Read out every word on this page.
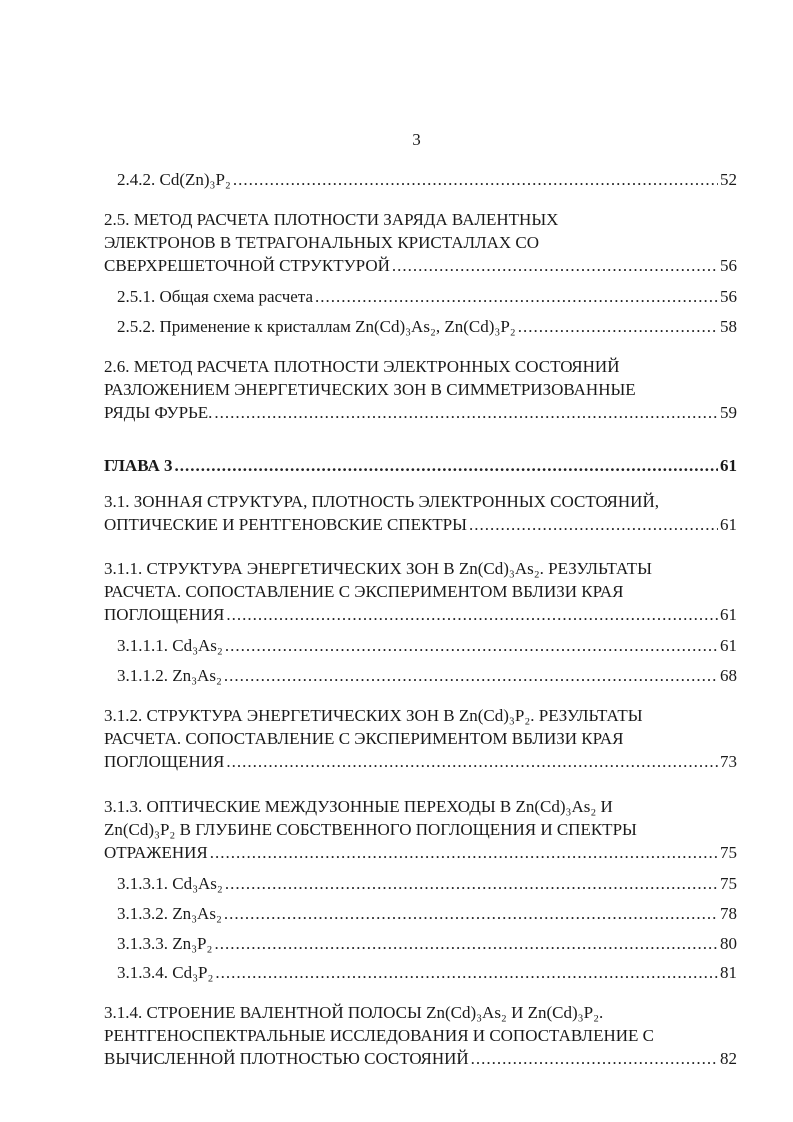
3
2.4.2. Cd(Zn)₃P₂ .....	52
2.5. МЕТОД РАСЧЕТА ПЛОТНОСТИ ЗАРЯДА ВАЛЕНТНЫХ
ЭЛЕКТРОНОВ В ТЕТРАГОНАЛЬНЫХ КРИСТАЛЛАХ СО
СВЕРХРЕШЕТОЧНОЙ СТРУКТУРОЙ .....	56
2.5.1. Общая схема расчета .....	56
2.5.2. Применение к кристаллам Zn(Cd)₃As₂, Zn(Cd)₃P₂ .....	58
2.6. МЕТОД РАСЧЕТА ПЛОТНОСТИ ЭЛЕКТРОННЫХ СОСТОЯНИЙ
РАЗЛОЖЕНИЕМ ЭНЕРГЕТИЧЕСКИХ ЗОН В СИММЕТРИЗОВАННЫЕ
РЯДЫ ФУРЬЕ. .....	59
ГЛАВА 3 .....	61
3.1. ЗОННАЯ СТРУКТУРА, ПЛОТНОСТЬ ЭЛЕКТРОННЫХ СОСТОЯНИЙ,
ОПТИЧЕСКИЕ И РЕНТГЕНОВСКИЕ СПЕКТРЫ .....	61
3.1.1. СТРУКТУРА ЭНЕРГЕТИЧЕСКИХ ЗОН В Zn(Cd)₃As₂. РЕЗУЛЬТАТЫ
РАСЧЕТА. СОПОСТАВЛЕНИЕ С ЭКСПЕРИМЕНТОМ ВБЛИЗИ КРАЯ
ПОГЛОЩЕНИЯ .....	61
3.1.1.1. Cd₃As₂ .....	61
3.1.1.2. Zn₃As₂ .....	68
3.1.2. СТРУКТУРА ЭНЕРГЕТИЧЕСКИХ ЗОН В Zn(Cd)₃P₂. РЕЗУЛЬТАТЫ
РАСЧЕТА. СОПОСТАВЛЕНИЕ С ЭКСПЕРИМЕНТОМ ВБЛИЗИ КРАЯ
ПОГЛОЩЕНИЯ .....	73
3.1.3. ОПТИЧЕСКИЕ МЕЖДУЗОННЫЕ ПЕРЕХОДЫ В Zn(Cd)₃As₂ И
Zn(Cd)₃P₂ В ГЛУБИНЕ СОБСТВЕННОГО ПОГЛОЩЕНИЯ И СПЕКТРЫ
ОТРАЖЕНИЯ .....	75
3.1.3.1. Cd₃As₂ .....	75
3.1.3.2. Zn₃As₂ .....	78
3.1.3.3. Zn₃P₂ .....	80
3.1.3.4. Cd₃P₂ .....	81
3.1.4. СТРОЕНИЕ ВАЛЕНТНОЙ ПОЛОСЫ Zn(Cd)₃As₂ И Zn(Cd)₃P₂.
РЕНТГЕНОСПЕКТРАЛЬНЫЕ ИССЛЕДОВАНИЯ И СОПОСТАВЛЕНИЕ С
ВЫЧИСЛЕННОЙ ПЛОТНОСТЬЮ СОСТОЯНИЙ .....	82
